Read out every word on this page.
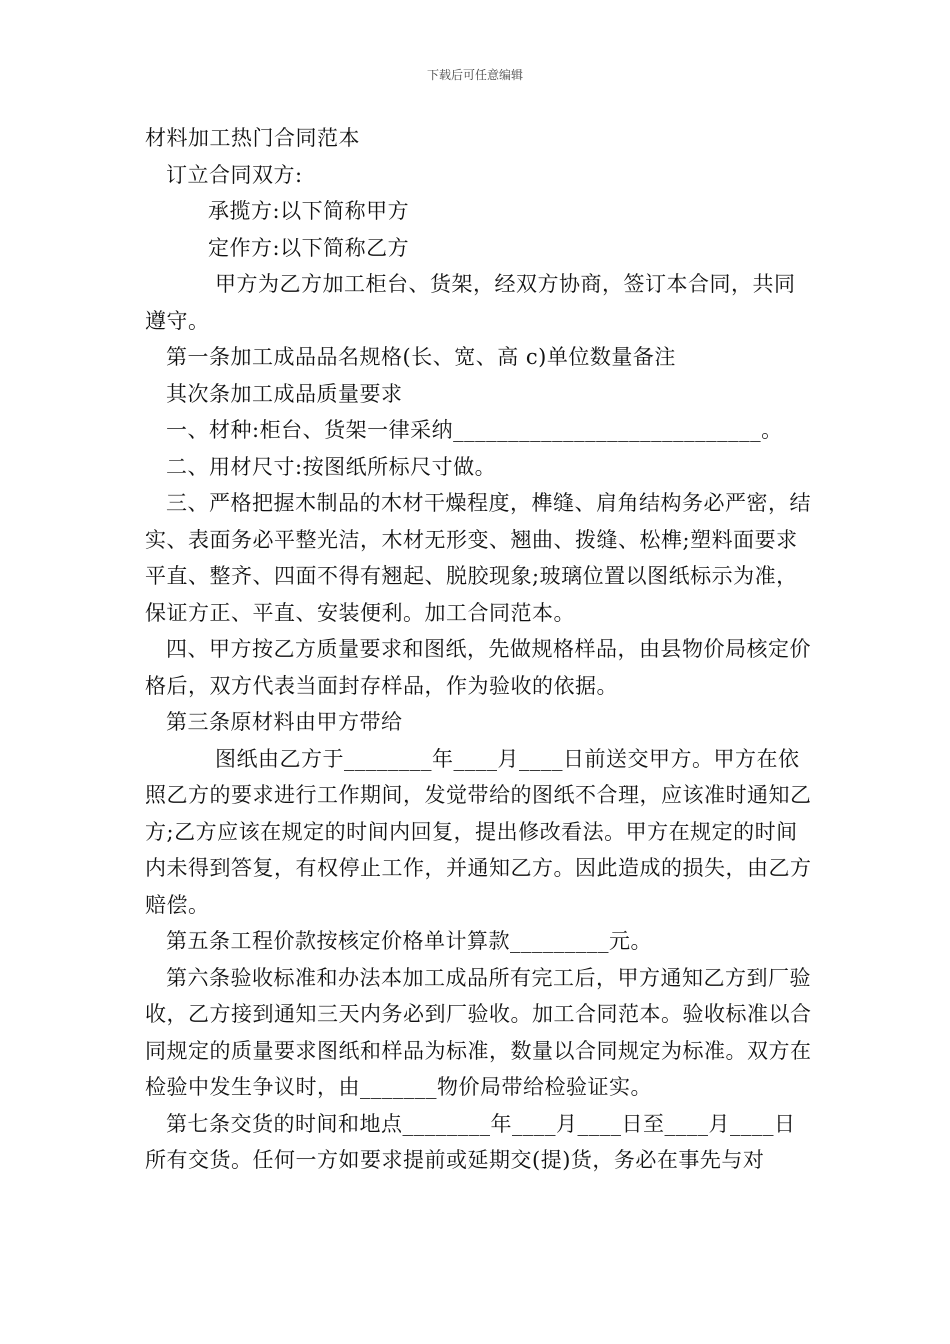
下载后可任意编辑

材料加工热门合同范本

订立合同双方:

承揽方:以下简称甲方

定作方:以下简称乙方

甲方为乙方加工柜台、货架，经双方协商，签订本合同，共同遵守。

第一条加工成品品名规格(长、宽、高 c)单位数量备注

其次条加工成品质量要求

一、材种:柜台、货架一律采纳____________________________。

二、用材尺寸:按图纸所标尺寸做。

三、严格把握木制品的木材干燥程度，榫缝、肩角结构务必严密，结实、表面务必平整光洁，木材无形变、翘曲、拨缝、松榫;塑料面要求平直、整齐、四面不得有翘起、脱胶现象;玻璃位置以图纸标示为准，保证方正、平直、安装便利。加工合同范本。

四、甲方按乙方质量要求和图纸，先做规格样品，由县物价局核定价格后，双方代表当面封存样品，作为验收的依据。

第三条原材料由甲方带给

图纸由乙方于________年____月____日前送交甲方。甲方在依照乙方的要求进行工作期间，发觉带给的图纸不合理，应该准时通知乙方;乙方应该在规定的时间内回复，提出修改看法。甲方在规定的时间内未得到答复，有权停止工作，并通知乙方。因此造成的损失，由乙方赔偿。

第五条工程价款按核定价格单计算款_________元。

第六条验收标准和办法本加工成品所有完工后，甲方通知乙方到厂验收，乙方接到通知三天内务必到厂验收。加工合同范本。验收标准以合同规定的质量要求图纸和样品为标准，数量以合同规定为标准。双方在检验中发生争议时，由_______物价局带给检验证实。

第七条交货的时间和地点________年____月____日至____月____日所有交货。任何一方如要求提前或延期交(提)货，务必在事先与对
